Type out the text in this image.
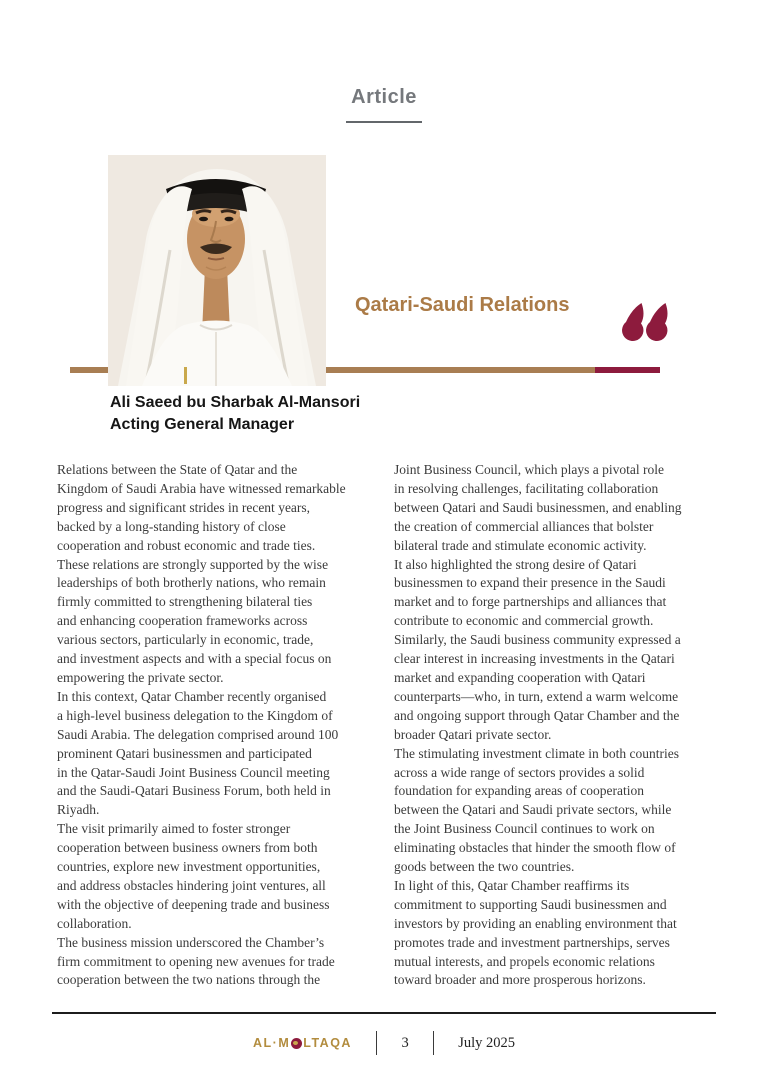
Article
Qatari-Saudi Relations
Ali Saeed bu Sharbak Al-Mansori
Acting General Manager
Relations between the State of Qatar and the
Kingdom of Saudi Arabia have witnessed remarkable
progress and significant strides in recent years,
backed by a long-standing history of close
cooperation and robust economic and trade ties.
These relations are strongly supported by the wise
leaderships of both brotherly nations, who remain
firmly committed to strengthening bilateral ties
and enhancing cooperation frameworks across
various sectors, particularly in economic, trade,
and investment aspects and with a special focus on
empowering the private sector.
In this context, Qatar Chamber recently organised
a high-level business delegation to the Kingdom of
Saudi Arabia. The delegation comprised around 100
prominent Qatari businessmen and participated
in the Qatar-Saudi Joint Business Council meeting
and the Saudi-Qatari Business Forum, both held in
Riyadh.
The visit primarily aimed to foster stronger
cooperation between business owners from both
countries, explore new investment opportunities,
and address obstacles hindering joint ventures, all
with the objective of deepening trade and business
collaboration.
The business mission underscored the Chamber’s
firm commitment to opening new avenues for trade
cooperation between the two nations through the
Joint Business Council, which plays a pivotal role
in resolving challenges, facilitating collaboration
between Qatari and Saudi businessmen, and enabling
the creation of commercial alliances that bolster
bilateral trade and stimulate economic activity.
It also highlighted the strong desire of Qatari
businessmen to expand their presence in the Saudi
market and to forge partnerships and alliances that
contribute to economic and commercial growth.
Similarly, the Saudi business community expressed a
clear interest in increasing investments in the Qatari
market and expanding cooperation with Qatari
counterparts—who, in turn, extend a warm welcome
and ongoing support through Qatar Chamber and the
broader Qatari private sector.
The stimulating investment climate in both countries
across a wide range of sectors provides a solid
foundation for expanding areas of cooperation
between the Qatari and Saudi private sectors, while
the Joint Business Council continues to work on
eliminating obstacles that hinder the smooth flow of
goods between the two countries.
In light of this, Qatar Chamber reaffirms its
commitment to supporting Saudi businessmen and
investors by providing an enabling environment that
promotes trade and investment partnerships, serves
mutual interests, and propels economic relations
toward broader and more prosperous horizons.
AL·M LTAQA	3	July 2025
